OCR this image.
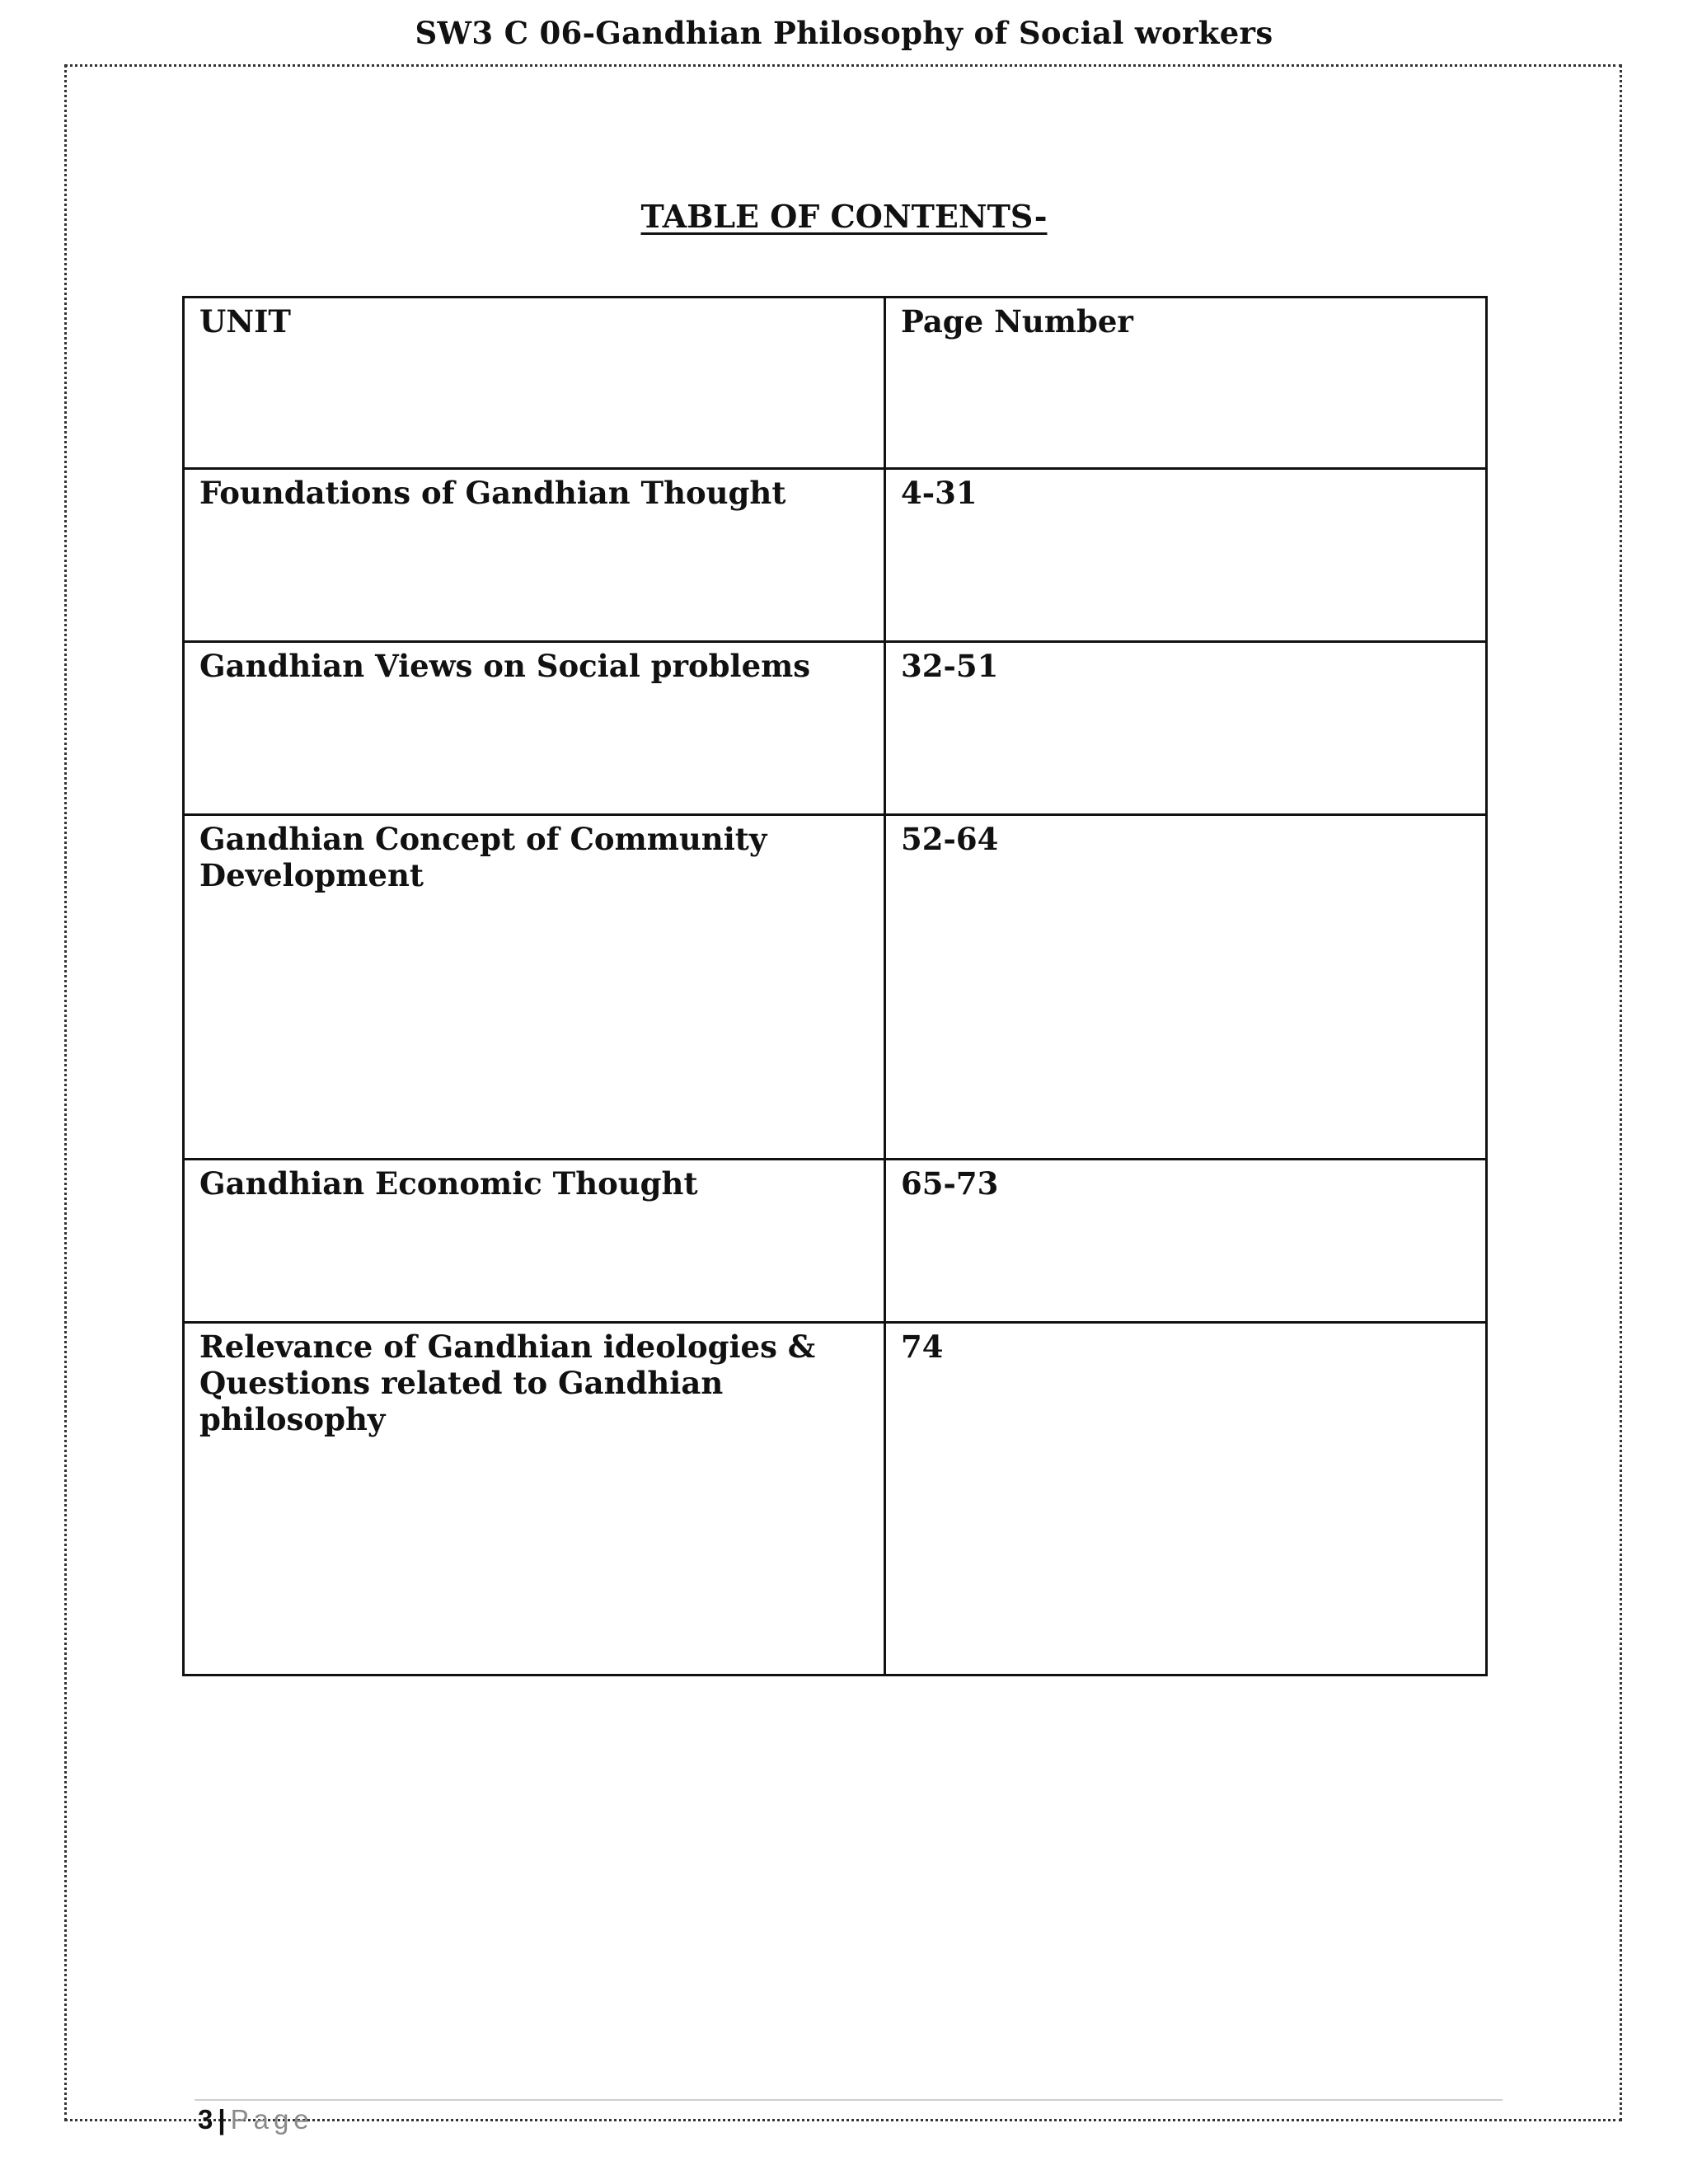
SW3 C 06-Gandhian Philosophy of Social workers
TABLE OF CONTENTS-
UNIT	Page Number
Foundations of Gandhian Thought	4-31
Gandhian Views on Social problems	32-51
Gandhian Concept of Community Development	52-64
Gandhian Economic Thought	65-73
Relevance of Gandhian ideologies & Questions related to Gandhian philosophy	74
3 | Page
